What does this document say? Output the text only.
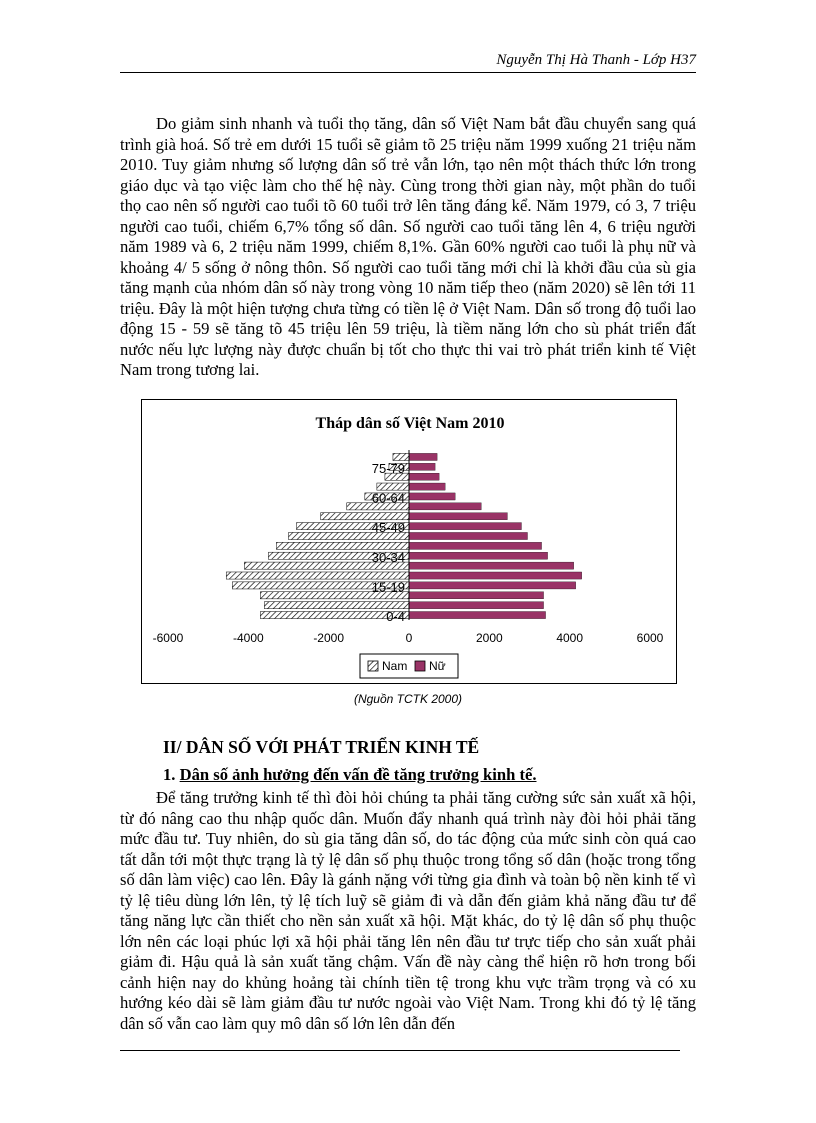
Nguyễn Thị Hà Thanh - Lớp H37

Do giảm sinh nhanh và tuổi thọ tăng, dân số Việt Nam bắt đầu chuyển sang quá trình già hoá. Số trẻ em dưới 15 tuổi sẽ giảm tõ 25 triệu năm 1999 xuống 21 triệu năm 2010. Tuy giảm nhưng số lượng dân số trẻ vẫn lớn, tạo nên một thách thức lớn trong giáo dục và tạo việc làm cho thế hệ này. Cùng trong thời gian này, một phần do tuổi thọ cao nên số người cao tuổi tõ 60 tuổi trở lên tăng đáng kể. Năm 1979, có 3, 7 triệu người cao tuổi, chiếm 6,7% tổng số dân. Số người cao tuổi tăng lên 4, 6 triệu người năm 1989 và 6, 2 triệu năm 1999, chiếm 8,1%. Gần 60% người cao tuổi là phụ nữ và khoảng 4/ 5 sống ở nông thôn. Số người cao tuổi tăng mới chỉ là khởi đầu của sù gia tăng mạnh của nhóm dân số này trong vòng 10 năm tiếp theo (năm 2020) sẽ lên tới 11 triệu. Đây là một hiện tượng chưa từng có tiền lệ ở Việt Nam. Dân số trong độ tuổi lao động 15 - 59 sẽ tăng tõ 45 triệu lên 59 triệu, là tiềm năng lớn cho sù phát triển đất nước nếu lực lượng này được chuẩn bị tốt cho thực thi vai trò phát triển kinh tế Việt Nam trong tương lai.

Tháp dân số Việt Nam 2010
0-4
15-19
30-34
45-49
60-64
75-79
-6000	-4000	-2000	0	2000	4000	6000
Nam Nữ
(Nguồn TCTK 2000)
II/ DÂN SỐ VỚI PHÁT TRIỂN KINH TẾ
1. Dân số ảnh hưởng đến vấn đề tăng trưởng kinh tế.

Để tăng trưởng kinh tế thì đòi hỏi chúng ta phải tăng cường sức sản xuất xã hội, từ đó nâng cao thu nhập quốc dân. Muốn đẩy nhanh quá trình này đòi hỏi phải tăng mức đầu tư. Tuy nhiên, do sù gia tăng dân số, do tác động của mức sinh còn quá cao tất dẫn tới một thực trạng là tỷ lệ dân số phụ thuộc trong tổng số dân (hoặc trong tổng số dân làm việc) cao lên. Đây là gánh nặng với từng gia đình và toàn bộ nền kinh tế vì tỷ lệ tiêu dùng lớn lên, tỷ lệ tích luỹ sẽ giảm đi và dẫn đến giảm khả năng đầu tư để tăng năng lực cần thiết cho nền sản xuất xã hội. Mặt khác, do tỷ lệ dân số phụ thuộc lớn nên các loại phúc lợi xã hội phải tăng lên nên đầu tư trực tiếp cho sản xuất phải giảm đi. Hậu quả là sản xuất tăng chậm. Vấn đề này càng thể hiện rõ hơn trong bối cảnh hiện nay do khủng hoảng tài chính tiền tệ trong khu vực trầm trọng và có xu hướng kéo dài sẽ làm giảm đầu tư nước ngoài vào Việt Nam. Trong khi đó tỷ lệ tăng dân số vẫn cao làm quy mô dân số lớn lên dẫn đến
